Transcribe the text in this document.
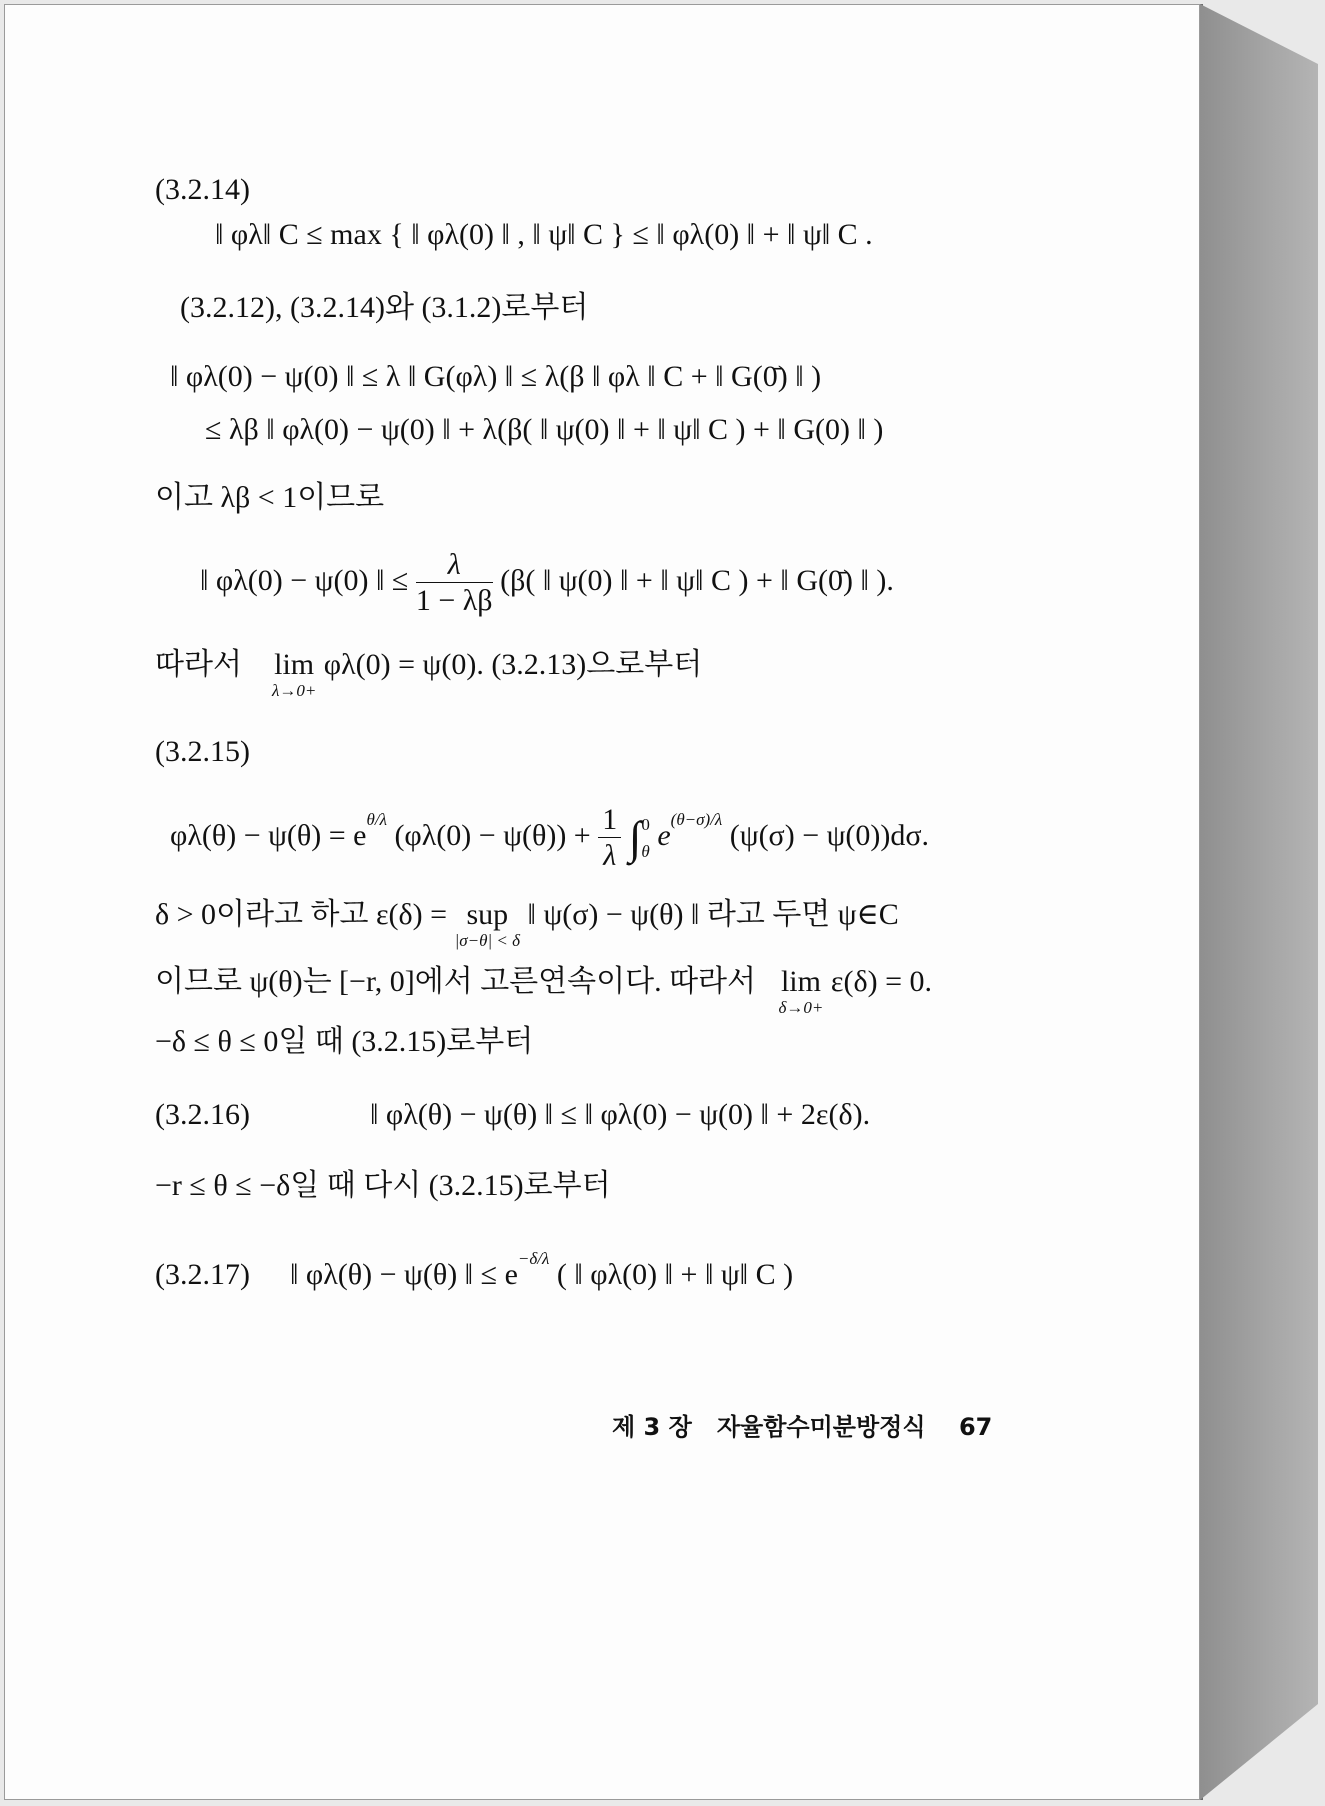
(3.2.14)
‖ φλ‖ C ≤ max { ‖ φλ(0) ‖ , ‖ ψ‖ C } ≤ ‖ φλ(0) ‖ + ‖ ψ‖ C .
(3.2.12), (3.2.14)와 (3.1.2)로부터
‖ φλ(0) − ψ(0) ‖ ≤ λ ‖ G(φλ) ‖ ≤ λ(β ‖ φλ ‖ C + ‖ G(0̄) ‖ )
≤ λβ ‖ φλ(0) − ψ(0) ‖ + λ(β( ‖ ψ(0) ‖ + ‖ ψ‖ C ) + ‖ G(0) ‖ )
이고 λβ < 1이므로
‖ φλ(0) − ψ(0) ‖ ≤ $\frac{\lambda}{1 - \lambda\beta} (\beta$( ‖ ψ(0) ‖ + ‖ ψ‖ C ) + ‖ G(0̄) ‖ ).
따라서 lim
λ→0+
φλ(0) = ψ(0). (3.2.13)으로부터
(3.2.15)
$\varphi\lambda(\theta) - \psi(\theta) = e^{\theta/\lambda}$ $(\varphi\lambda(0) - \psi(\theta)) + \frac{1}{\lambda}$ ∫ 0
θ $e^{(\theta-\sigma)/\lambda}$ (ψ(σ) − ψ(0))dσ.
δ > 0이라고 하고 ε(δ) = sup
|σ−θ| < δ
‖ ψ(σ) − ψ(θ) ‖ 라고 두면 ψ∈C
이므로 ψ(θ)는 [−r, 0]에서 고른연속이다. 따라서 lim
δ→0+
ε(δ) = 0.
−δ ≤ θ ≤ 0일 때 (3.2.15)로부터
(3.2.16)	‖ φλ(θ) − ψ(θ) ‖ ≤ ‖ φλ(0) − ψ(0) ‖ + 2ε(δ).
−r ≤ θ ≤ −δ일 때 다시 (3.2.15)로부터
(3.2.17) ‖ φλ(θ) − ψ(θ) ‖ ≤ $e^{-\delta/\lambda}$ ( ‖ φλ(0) ‖ + ‖ ψ‖ C )
제 3 장 자율함수미분방정식 67
